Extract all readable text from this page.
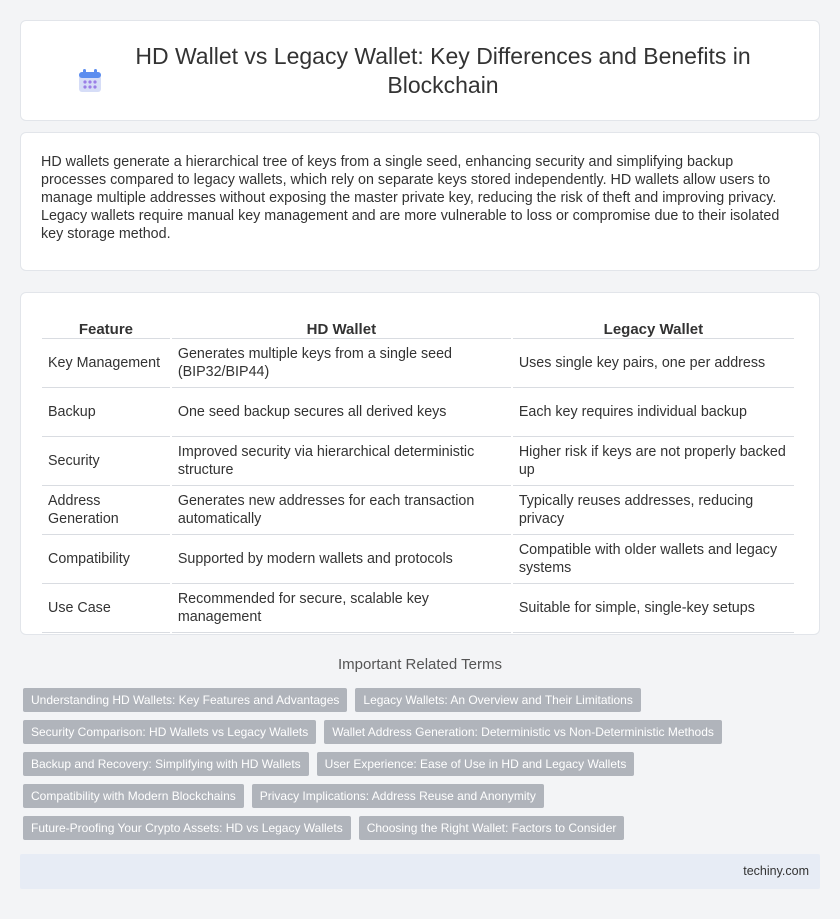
HD Wallet vs Legacy Wallet: Key Differences and Benefits in Blockchain

HD wallets generate a hierarchical tree of keys from a single seed, enhancing security and simplifying backup processes compared to legacy wallets, which rely on separate keys stored independently. HD wallets allow users to manage multiple addresses without exposing the master private key, reducing the risk of theft and improving privacy. Legacy wallets require manual key management and are more vulnerable to loss or compromise due to their isolated key storage method.

Feature	HD Wallet	Legacy Wallet
Key Management	Generates multiple keys from a single seed (BIP32/BIP44)	Uses single key pairs, one per address
Backup	One seed backup secures all derived keys	Each key requires individual backup
Security	Improved security via hierarchical deterministic structure	Higher risk if keys are not properly backed up
Address Generation	Generates new addresses for each transaction automatically	Typically reuses addresses, reducing privacy
Compatibility	Supported by modern wallets and protocols	Compatible with older wallets and legacy systems
Use Case	Recommended for secure, scalable key management	Suitable for simple, single-key setups
Important Related Terms
Understanding HD Wallets: Key Features and Advantages	Legacy Wallets: An Overview and Their Limitations
Security Comparison: HD Wallets vs Legacy Wallets	Wallet Address Generation: Deterministic vs Non-Deterministic Methods
Backup and Recovery: Simplifying with HD Wallets	User Experience: Ease of Use in HD and Legacy Wallets
Compatibility with Modern Blockchains	Privacy Implications: Address Reuse and Anonymity
Future-Proofing Your Crypto Assets: HD vs Legacy Wallets	Choosing the Right Wallet: Factors to Consider
techiny.com
